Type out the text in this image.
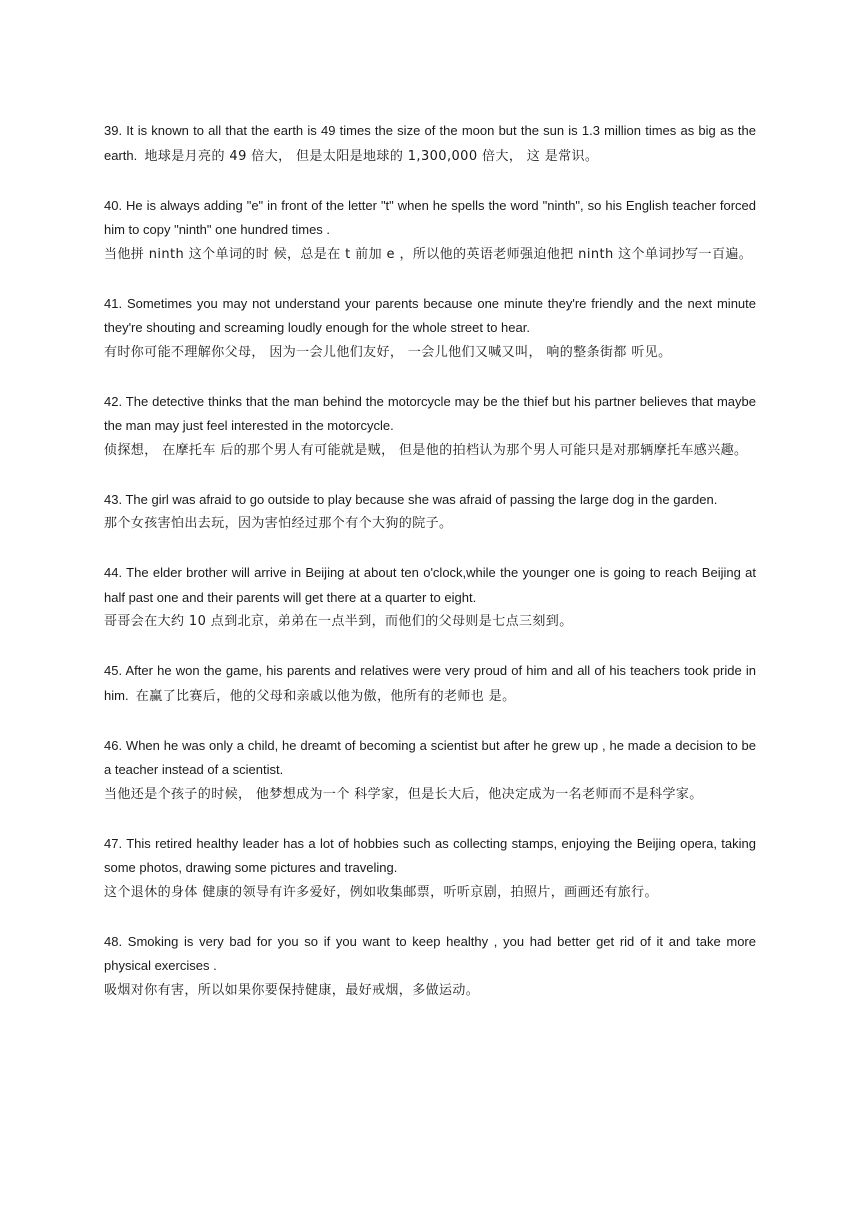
39. It is known to all that the earth is 49 times the size of the moon but the sun is 1.3 million times as big as the earth. 地球是月亮的 49 倍大， 但是太阳是地球的 1,300,000 倍大， 这 是常识。

40. He is always adding "e" in front of the letter "t" when he spells the word "ninth", so his English teacher forced him to copy "ninth" one hundred times .

当他拼 ninth 这个单词的时 候，总是在 t 前加 e ，所以他的英语老师强迫他把 ninth 这个单词抄写一百遍。

41. Sometimes you may not understand your parents because one minute they're friendly and the next minute they're shouting and screaming loudly enough for the whole street to hear.

有时你可能不理解你父母， 因为一会儿他们友好， 一会儿他们又喊又叫， 响的整条街都 听见。

42. The detective thinks that the man behind the motorcycle may be the thief but his partner believes that maybe the man may just feel interested in the motorcycle.

侦探想， 在摩托车 后的那个男人有可能就是贼， 但是他的拍档认为那个男人可能只是对那辆摩托车感兴趣。

43. The girl was afraid to go outside to play because she was afraid of passing the large dog in the garden.

那个女孩害怕出去玩，因为害怕经过那个有个大狗的院子。

44. The elder brother will arrive in Beijing at about ten o'clock,while the younger one is going to reach Beijing at half past one and their parents will get there at a quarter to eight.

哥哥会在大约 10 点到北京，弟弟在一点半到，而他们的父母则是七点三刻到。

45. After he won the game, his parents and relatives were very proud of him and all of his teachers took pride in him. 在赢了比赛后，他的父母和亲戚以他为傲，他所有的老师也 是。

46. When he was only a child, he dreamt of becoming a scientist but after he grew up , he made a decision to be a teacher instead of a scientist.

当他还是个孩子的时候， 他梦想成为一个 科学家，但是长大后，他决定成为一名老师而不是科学家。

47. This retired healthy leader has a lot of hobbies such as collecting stamps, enjoying the Beijing opera, taking some photos, drawing some pictures and traveling.

这个退休的身体 健康的领导有许多爱好，例如收集邮票，听听京剧，拍照片，画画还有旅行。

48. Smoking is very bad for you so if you want to keep healthy , you had better get rid of it and take more physical exercises .

吸烟对你有害，所以如果你要保持健康，最好戒烟，多做运动。
